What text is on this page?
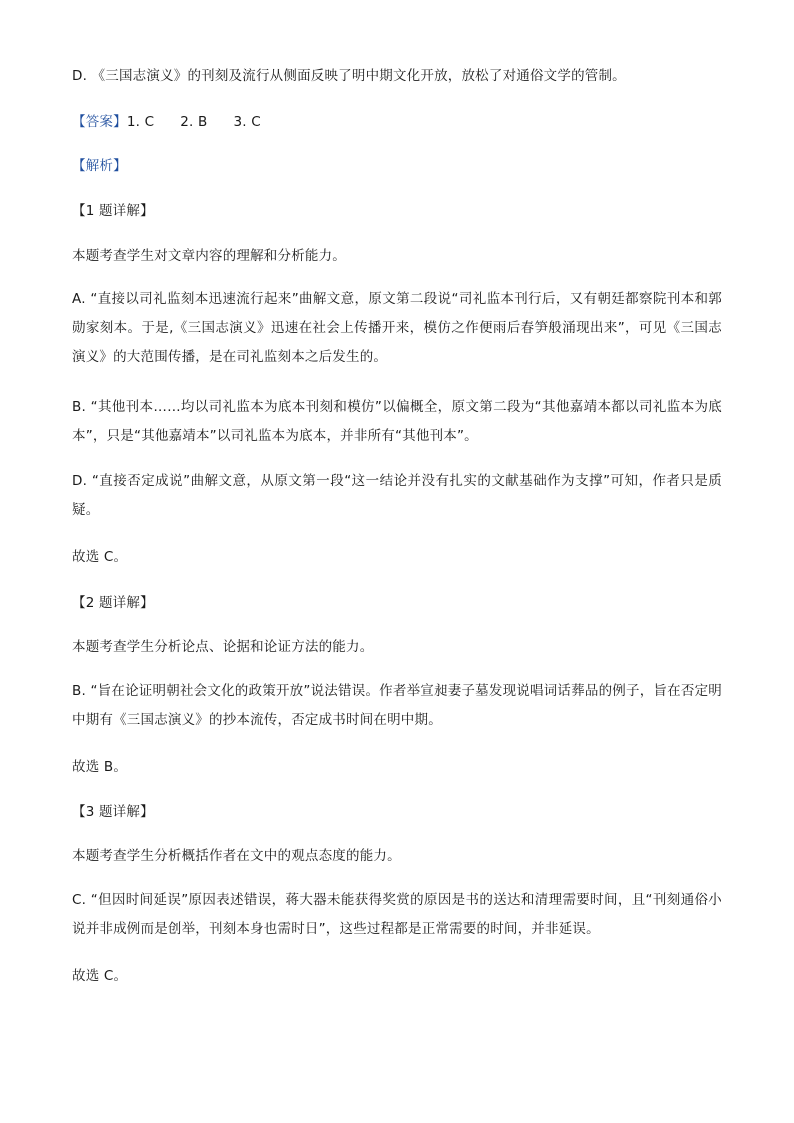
D. 《三国志演义》的刊刻及流行从侧面反映了明中期文化开放，放松了对通俗文学的管制。
【答案】1. C 2. B 3. C
【解析】
【1 题详解】
本题考查学生对文章内容的理解和分析能力。
A. “直接以司礼监刻本迅速流行起来”曲解文意，原文第二段说“司礼监本刊行后，又有朝廷都察院刊本和郭勋家刻本。于是,《三国志演义》迅速在社会上传播开来，模仿之作便雨后春笋般涌现出来”，可见《三国志演义》的大范围传播，是在司礼监刻本之后发生的。
B. “其他刊本……均以司礼监本为底本刊刻和模仿”以偏概全，原文第二段为“其他嘉靖本都以司礼监本为底本”，只是“其他嘉靖本”以司礼监本为底本，并非所有“其他刊本”。
D. “直接否定成说”曲解文意，从原文第一段“这一结论并没有扎实的文献基础作为支撑”可知，作者只是质疑。
故选 C。
【2 题详解】
本题考查学生分析论点、论据和论证方法的能力。
B. “旨在论证明朝社会文化的政策开放”说法错误。作者举宣昶妻子墓发现说唱词话葬品的例子，旨在否定明中期有《三国志演义》的抄本流传，否定成书时间在明中期。
故选 B。
【3 题详解】
本题考查学生分析概括作者在文中的观点态度的能力。
C. “但因时间延误”原因表述错误，蒋大器未能获得奖赏的原因是书的送达和清理需要时间，且“刊刻通俗小说并非成例而是创举，刊刻本身也需时日”，这些过程都是正常需要的时间，并非延误。
故选 C。
